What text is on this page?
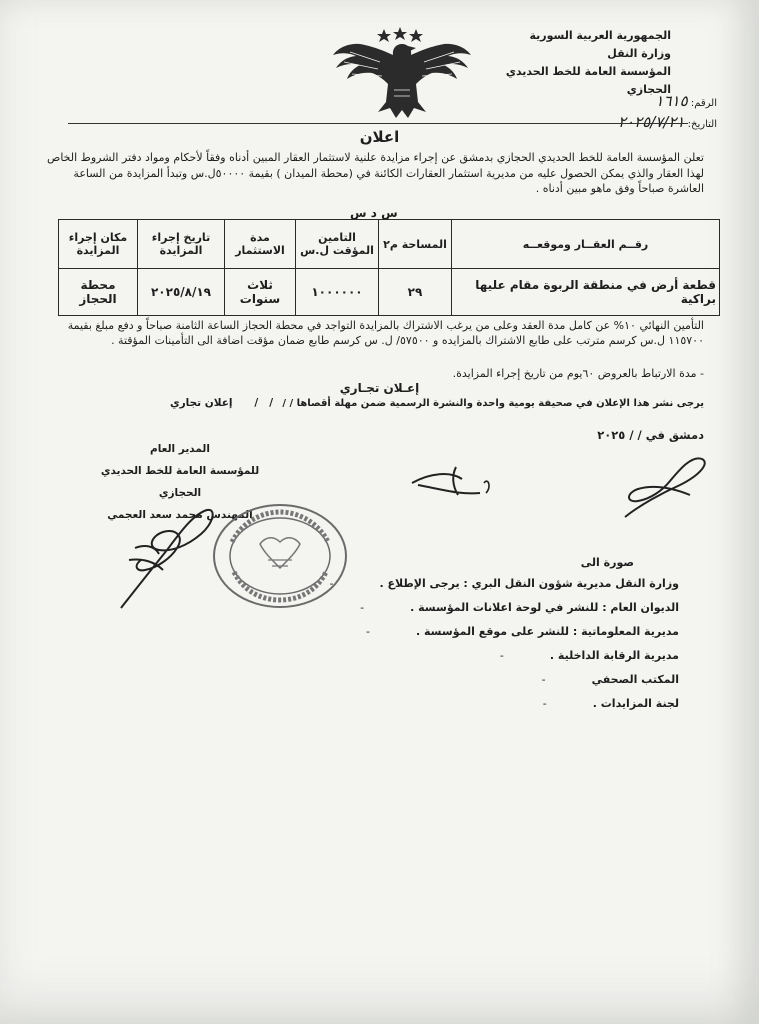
الجمهورية العربية السورية
وزارة النقل
المؤسسة العامة للخط الحديدي الحجازي
الرقم: ١٦١٥
التاريخ: ٢٠٢٥/٧/٢١
اعلان
تعلن المؤسسة العامة للخط الحديدي الحجازي بدمشق عن إجراء مزايدة علنية لاستثمار العقار المبين أدناه وفقاً لأحكام ومواد دفتر الشروط الخاص لهذا العقار والذي يمكن الحصول عليه من مديرية استثمار العقارات الكائنة في (محطة الميدان ) بقيمة ٥٠٠٠٠ل.س وتبدأ المزايدة من الساعة العاشرة صباحاً وفق ماهو مبين أدناه .
س د س
رقــم العقــار وموقعــه	المساحة م٢	التامين المؤقت ل.س	مدة الاستثمار	تاريخ إجراء المزايدة	مكان إجراء المزايدة
قطعة أرض في منطقة الربوة مقام عليها براكية	٢٩	١٠٠٠٠٠٠	ثلاث سنوات	٢٠٢٥/٨/١٩	محطة الحجاز
التأمين النهائي ١٠% عن كامل مدة العقد وعلى من يرغب الاشتراك بالمزايدة التواجد في محطة الحجاز الساعة الثامنة صباحاً و دفع مبلغ بقيمة ١١٥٧٠٠ ل.س كرسم مترتب على طابع الاشتراك بالمزايده و ٥٧٥٠٠/ ل. س كرسم طابع ضمان مؤقت اضافة الى التأمينات المؤقتة .
- مدة الارتباط بالعروض ٦٠يوم من تاريخ إجراء المزايدة.
إعـلان تجـاري
يرجى نشر هذا الإعلان في صحيفة يومية واحدة والنشرة الرسمية ضمن مهلة أقصاها / /
/   /      إعلان تجاري
دمشق في / / ٢٠٢٥
المدير العام
للمؤسسة العامة للخط الحديدي الحجازي
المهندس محمد سعد العجمي
صورة الى
وزارة النقل مديرية شؤون النقل البري : يرجى الإطلاع .-
الديوان العام : للنشر في لوحة اعلانات المؤسسة .-
مديرية المعلوماتية : للنشر على موقع المؤسسة .-
مديرية الرقابة الداخلية .-
المكتب الصحفي-
لجنة المزايدات .-
